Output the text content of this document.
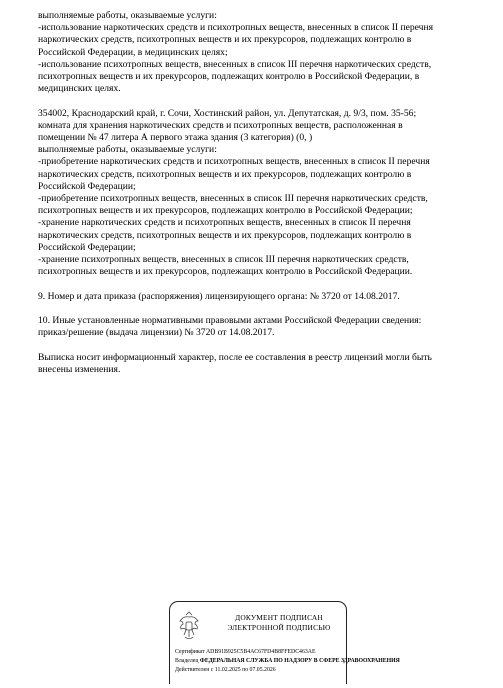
выполняемые работы, оказываемые услуги:
-использование наркотических средств и психотропных веществ, внесенных в список II перечня
наркотических средств, психотропных веществ и их прекурсоров, подлежащих контролю в
Российской Федерации, в медицинских целях;
-использование психотропных веществ, внесенных в список III перечня наркотических средств,
психотропных веществ и их прекурсоров, подлежащих контролю в Российской Федерации, в
медицинских целях.
354002, Краснодарский край, г. Сочи, Хостинский район, ул. Депутатская, д. 9/3, пом. 35-56;
комната для хранения наркотических средств и психотропных веществ, расположенная в
помещении № 47 литера А первого этажа здания (3 категория) (0, )
выполняемые работы, оказываемые услуги:
-приобретение наркотических средств и психотропных веществ, внесенных в список II перечня
наркотических средств, психотропных веществ и их прекурсоров, подлежащих контролю в
Российской Федерации;
-приобретение психотропных веществ, внесенных в список III перечня наркотических средств,
психотропных веществ и их прекурсоров, подлежащих контролю в Российской Федерации;
-хранение наркотических средств и психотропных веществ, внесенных в список II перечня
наркотических средств, психотропных веществ и их прекурсоров, подлежащих контролю в
Российской Федерации;
-хранение психотропных веществ, внесенных в список III перечня наркотических средств,
психотропных веществ и их прекурсоров, подлежащих контролю в Российской Федерации.
9. Номер и дата приказа (распоряжения) лицензирующего органа: № 3720 от 14.08.2017.
10. Иные установленные нормативными правовыми актами Российской Федерации сведения:
приказ/решение (выдача лицензии) № 3720 от 14.08.2017.
Выписка носит информационный характер, после ее составления в реестр лицензий могли быть
внесены изменения.
ДОКУМЕНТ ПОДПИСАН
ЭЛЕКТРОННОЙ ПОДПИСЬЮ
Сертификат ADB91B925C5B4AC67FD4B8FFEDC463AE
Владелец ФЕДЕРАЛЬНАЯ СЛУЖБА ПО НАДЗОРУ В СФЕРЕ ЗДРАВООХРАНЕНИЯ
Действителен с 11.02.2025 по 07.05.2026
